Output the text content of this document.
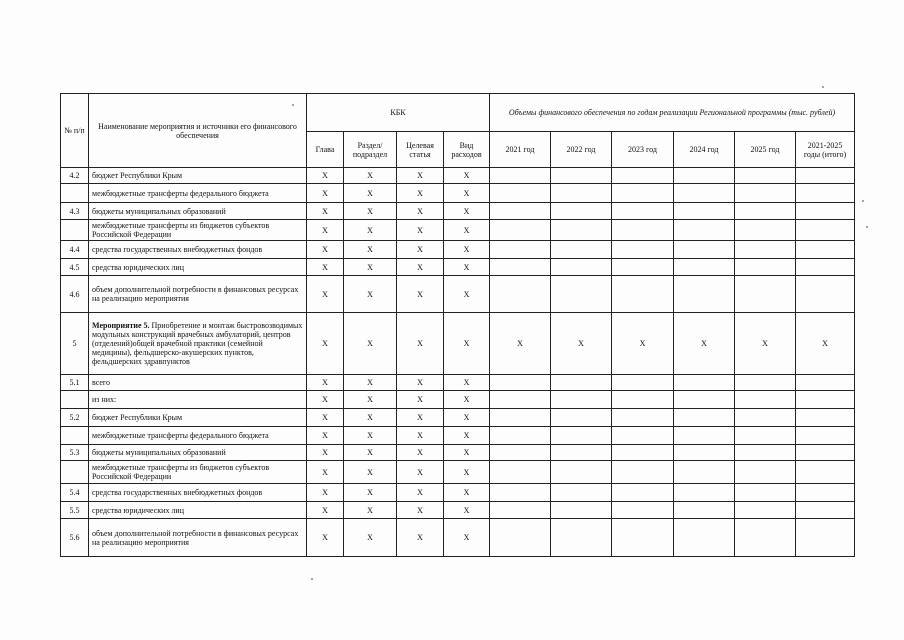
№ п/п	Наименование мероприятия и источники его финансового обеспечения	КБК				Объемы финансового обеспечения по годам реализации Региональной программы (тыс. рублей)					
		Глава	Раздел/ подраздел	Целевая статья	Вид расходов	2021 год	2022 год	2023 год	2024 год	2025 год	2021-2025 годы (итого)
4.2	бюджет Республики Крым	X	X	X	X						
	межбюджетные трансферты федерального бюджета	X	X	X	X						
4.3	бюджеты муниципальных образований	X	X	X	X						
	межбюджетные трансферты из бюджетов субъектов Российской Федерации	X	X	X	X						
4.4	средства государственных внебюджетных фондов	X	X	X	X						
4.5	средства юридических лиц	X	X	X	X						
4.6	объем дополнительной потребности в финансовых ресурсах на реализацию мероприятия	X	X	X	X						
5	Мероприятие 5. Приобретение и монтаж быстровозводимых модульных конструкций врачебных амбулаторий, центров (отделений)общей врачебной практики (семейной медицины), фельдшерско-акушерских пунктов, фельдшерских здравпунктов	X	X	X	X	X	X	X	X	X	X
5.1	всего	X	X	X	X						
	из них:	X	X	X	X						
5.2	бюджет Республики Крым	X	X	X	X						
	межбюджетные трансферты федерального бюджета	X	X	X	X						
5.3	бюджеты муниципальных образований	X	X	X	X						
	межбюджетные трансферты из бюджетов субъектов Российской Федерации	X	X	X	X						
5.4	средства государственных внебюджетных фондов	X	X	X	X						
5.5	средства юридических лиц	X	X	X	X						
5.6	объем дополнительной потребности в финансовых ресурсах на реализацию мероприятия	X	X	X	X						
